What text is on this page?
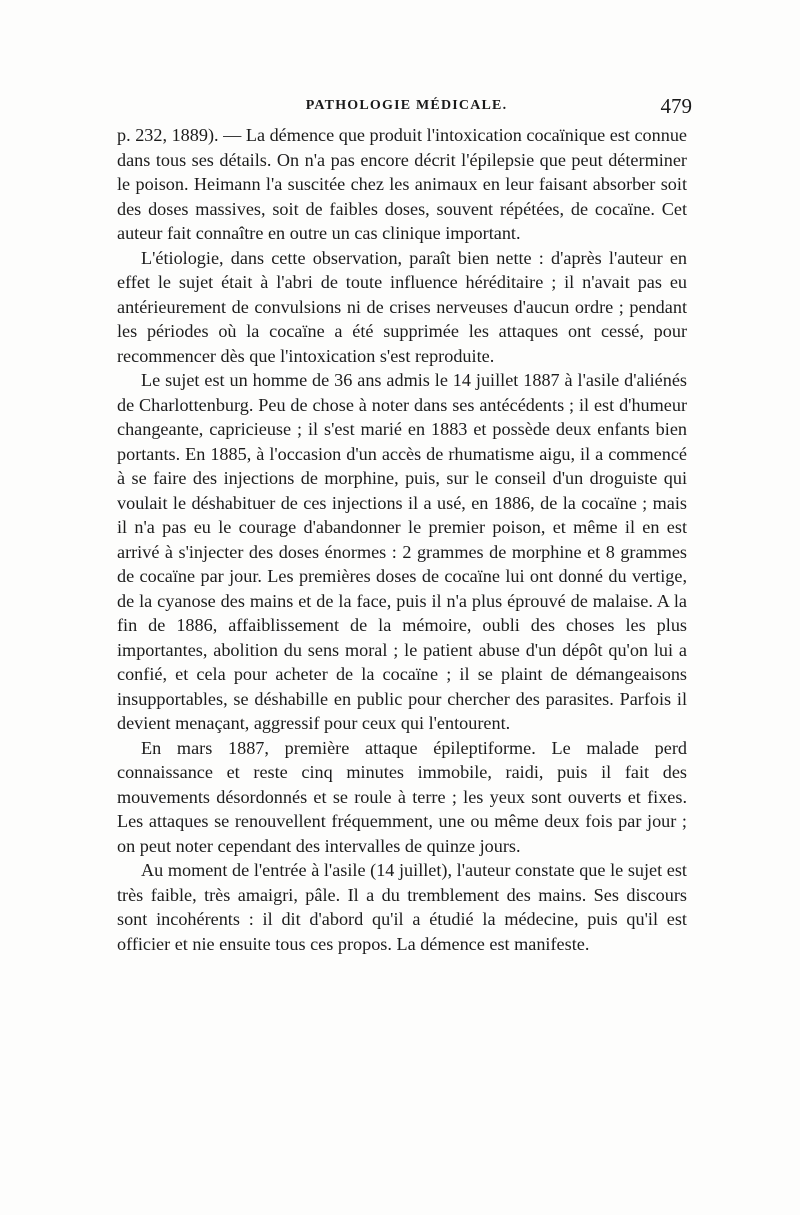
PATHOLOGIE MÉDICALE.	479

p. 232, 1889). — La démence que produit l'intoxication cocaïnique est connue dans tous ses détails. On n'a pas encore décrit l'épilepsie que peut déterminer le poison. Heimann l'a suscitée chez les animaux en leur faisant absorber soit des doses massives, soit de faibles doses, souvent répétées, de cocaïne. Cet auteur fait connaître en outre un cas clinique important.

L'étiologie, dans cette observation, paraît bien nette : d'après l'auteur en effet le sujet était à l'abri de toute influence héréditaire ; il n'avait pas eu antérieurement de convulsions ni de crises nerveuses d'aucun ordre ; pendant les périodes où la cocaïne a été supprimée les attaques ont cessé, pour recommencer dès que l'intoxication s'est reproduite.

Le sujet est un homme de 36 ans admis le 14 juillet 1887 à l'asile d'aliénés de Charlottenburg. Peu de chose à noter dans ses antécédents ; il est d'humeur changeante, capricieuse ; il s'est marié en 1883 et possède deux enfants bien portants. En 1885, à l'occasion d'un accès de rhumatisme aigu, il a commencé à se faire des injections de morphine, puis, sur le conseil d'un droguiste qui voulait le déshabituer de ces injections il a usé, en 1886, de la cocaïne ; mais il n'a pas eu le courage d'abandonner le premier poison, et même il en est arrivé à s'injecter des doses énormes : 2 grammes de morphine et 8 grammes de cocaïne par jour. Les premières doses de cocaïne lui ont donné du vertige, de la cyanose des mains et de la face, puis il n'a plus éprouvé de malaise. A la fin de 1886, affaiblissement de la mémoire, oubli des choses les plus importantes, abolition du sens moral ; le patient abuse d'un dépôt qu'on lui a confié, et cela pour acheter de la cocaïne ; il se plaint de démangeaisons insupportables, se déshabille en public pour chercher des parasites. Parfois il devient menaçant, aggressif pour ceux qui l'entourent.

En mars 1887, première attaque épileptiforme. Le malade perd connaissance et reste cinq minutes immobile, raidi, puis il fait des mouvements désordonnés et se roule à terre ; les yeux sont ouverts et fixes. Les attaques se renouvellent fréquemment, une ou même deux fois par jour ; on peut noter cependant des intervalles de quinze jours.

Au moment de l'entrée à l'asile (14 juillet), l'auteur constate que le sujet est très faible, très amaigri, pâle. Il a du tremblement des mains. Ses discours sont incohérents : il dit d'abord qu'il a étudié la médecine, puis qu'il est officier et nie ensuite tous ces propos. La démence est manifeste.
